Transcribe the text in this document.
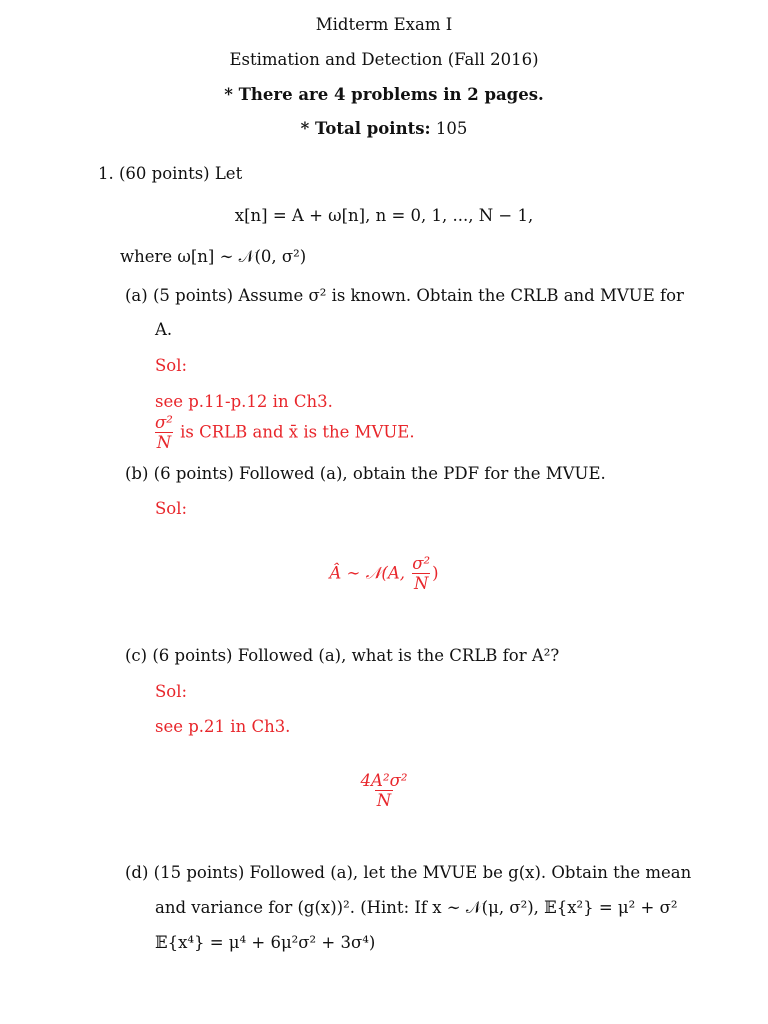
Midterm Exam I
Estimation and Detection (Fall 2016)
* There are 4 problems in 2 pages.
* Total points: 105
1. (60 points) Let
x[n] = A + ω[n], n = 0, 1, ..., N − 1,
where ω[n] ∼ 𝒩(0, σ²)
(a) (5 points) Assume σ² is known. Obtain the CRLB and MVUE for
A.
Sol:
see p.11-p.12 in Ch3.
$\frac{\text{σ²}}{N}$ is CRLB and x̄ is the MVUE.
(b) (6 points) Followed (a), obtain the PDF for the MVUE.
Sol:
Â ∼ 𝒩(A, $\frac{\text{σ²}}{N}$ )
(c) (6 points) Followed (a), what is the CRLB for A²?
Sol:
see p.21 in Ch3.
$\frac{\text{4A²σ²}}{N}$
(d) (15 points) Followed (a), let the MVUE be g(x). Obtain the mean
and variance for (g(x))². (Hint: If x ∼ 𝒩(μ, σ²), 𝔼{x²} = μ² + σ²
𝔼{x⁴} = μ⁴ + 6μ²σ² + 3σ⁴)
